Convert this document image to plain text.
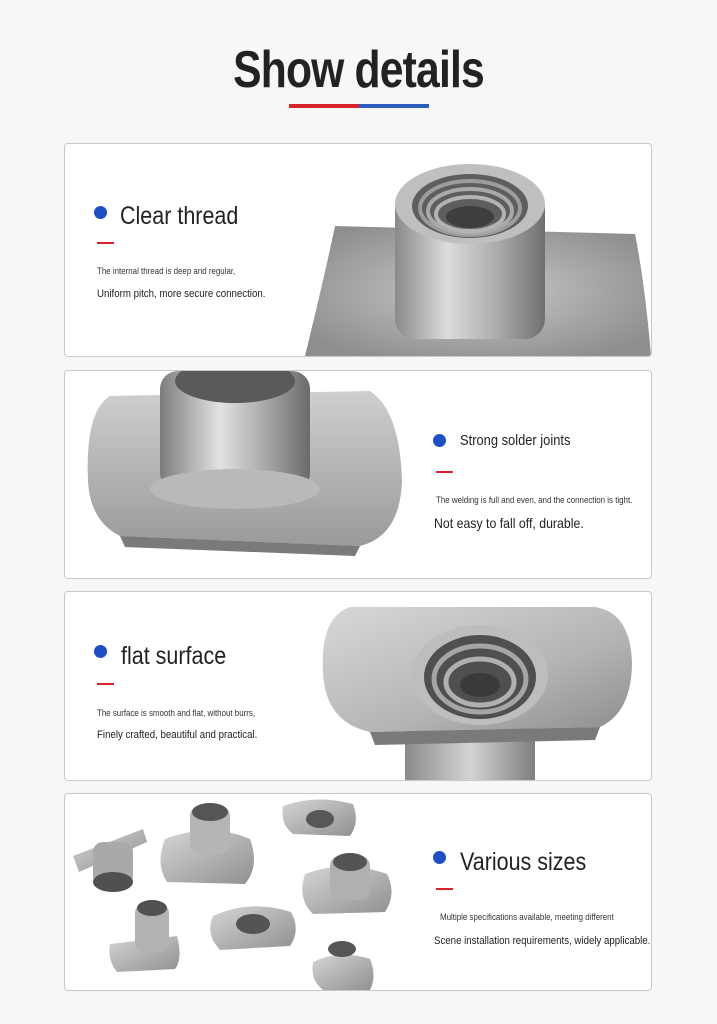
Show details
Clear thread
The internal thread is deep and regular,
Uniform pitch, more secure connection.
Strong solder joints
The welding is full and even, and the connection is tight.
Not easy to fall off, durable.
flat surface
The surface is smooth and flat, without burrs,
Finely crafted, beautiful and practical.
Various sizes
Multiple specifications available, meeting different
Scene installation requirements, widely applicable.
